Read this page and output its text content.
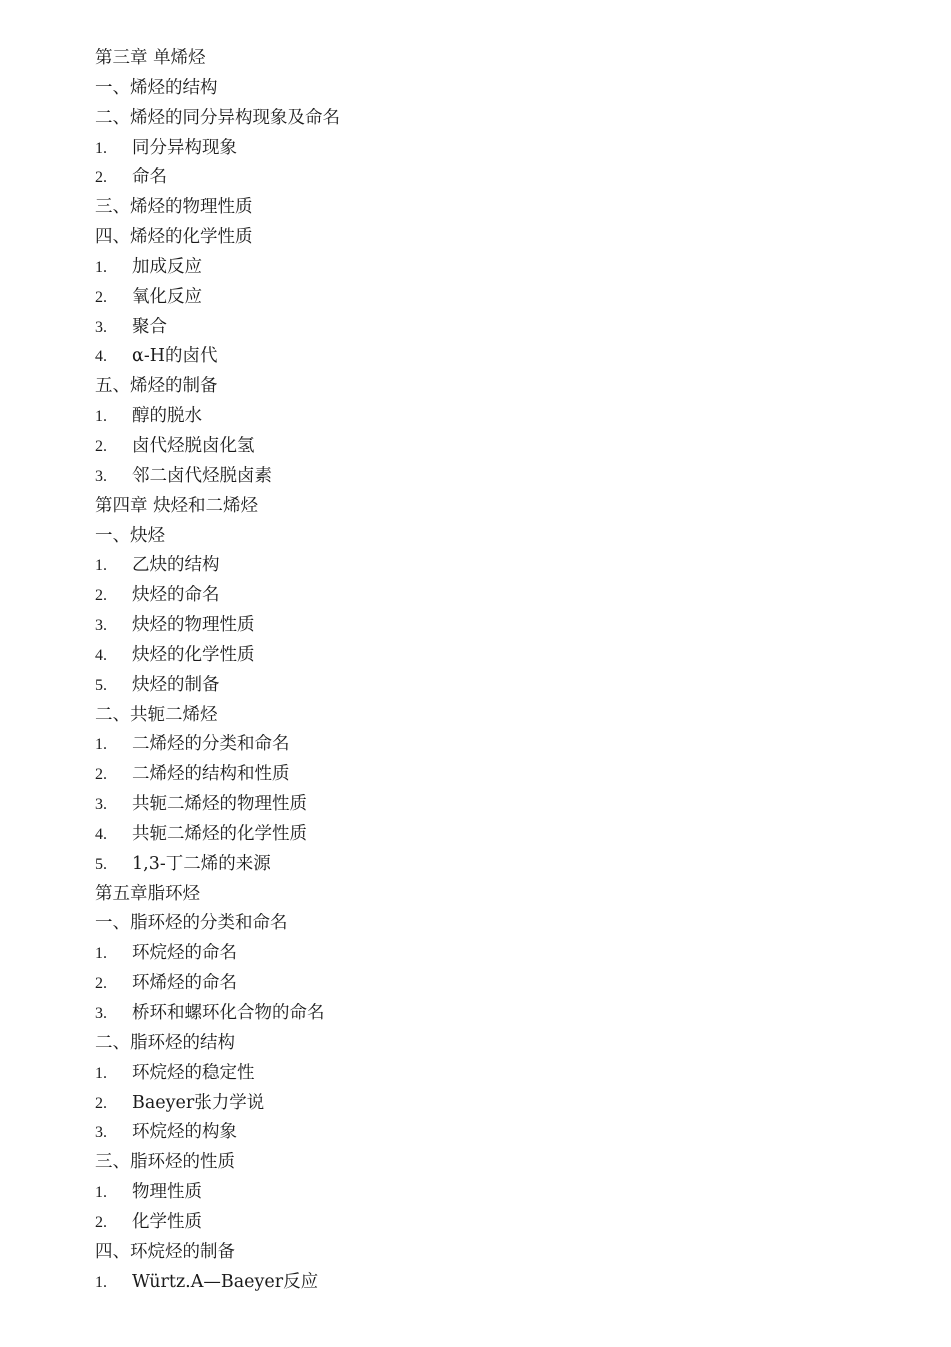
第三章 单烯烃
一、烯烃的结构
二、烯烃的同分异构现象及命名
1. 同分异构现象
2. 命名
三、烯烃的物理性质
四、烯烃的化学性质
1. 加成反应
2. 氧化反应
3. 聚合
4. α-H的卤代
五、烯烃的制备
1. 醇的脱水
2. 卤代烃脱卤化氢
3. 邻二卤代烃脱卤素
第四章 炔烃和二烯烃
一、炔烃
1. 乙炔的结构
2. 炔烃的命名
3. 炔烃的物理性质
4. 炔烃的化学性质
5. 炔烃的制备
二、共轭二烯烃
1. 二烯烃的分类和命名
2. 二烯烃的结构和性质
3. 共轭二烯烃的物理性质
4. 共轭二烯烃的化学性质
5. 1,3-丁二烯的来源
第五章脂环烃
一、脂环烃的分类和命名
1. 环烷烃的命名
2. 环烯烃的命名
3. 桥环和螺环化合物的命名
二、脂环烃的结构
1. 环烷烃的稳定性
2. Baeyer张力学说
3. 环烷烃的构象
三、脂环烃的性质
1. 物理性质
2. 化学性质
四、环烷烃的制备
1. Würtz.A—Baeyer反应
